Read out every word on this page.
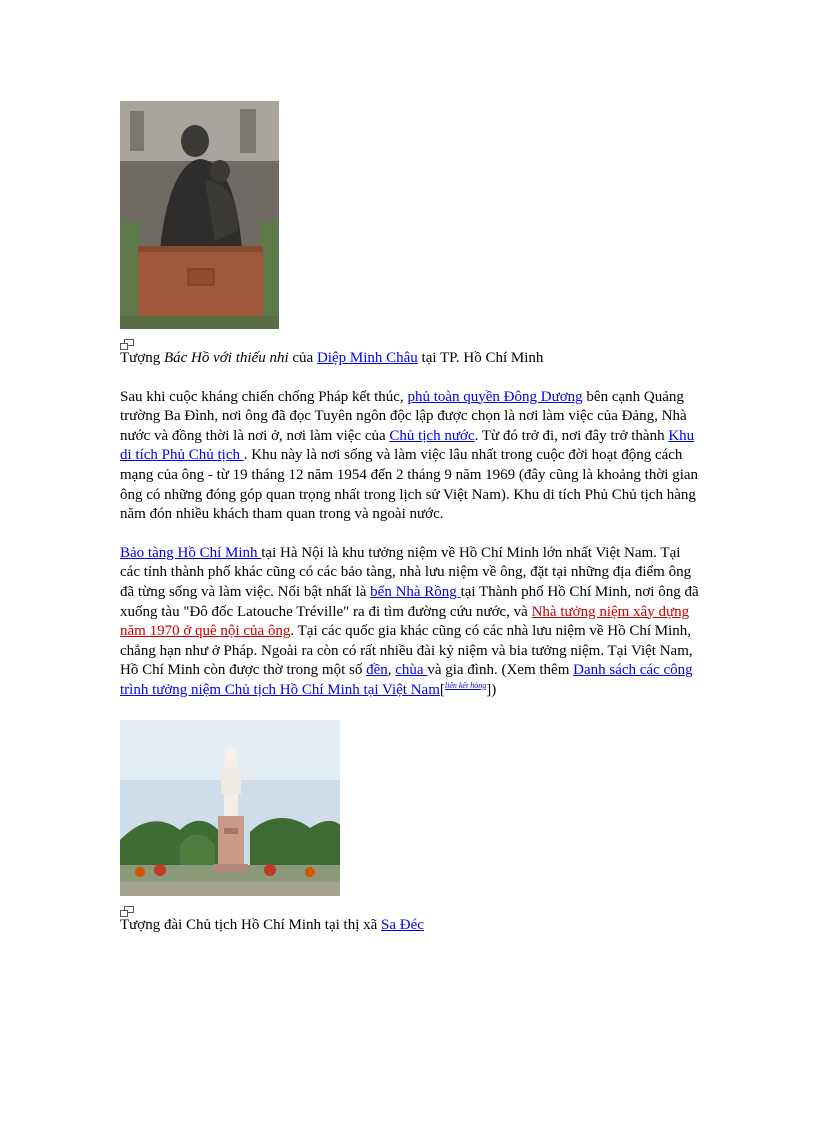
Tượng Bác Hồ với thiếu nhi của Diệp Minh Châu tại TP. Hồ Chí Minh

Sau khi cuộc kháng chiến chống Pháp kết thúc, phủ toàn quyền Đông Dương bên cạnh Quảng trường Ba Đình, nơi ông đã đọc Tuyên ngôn độc lập được chọn là nơi làm việc của Đảng, Nhà nước và đồng thời là nơi ở, nơi làm việc của Chủ tịch nước. Từ đó trở đi, nơi đây trở thành Khu di tích Phủ Chủ tịch . Khu này là nơi sống và làm việc lâu nhất trong cuộc đời hoạt động cách mạng của ông - từ 19 tháng 12 năm 1954 đến 2 tháng 9 năm 1969 (đây cũng là khoảng thời gian ông có những đóng góp quan trọng nhất trong lịch sử Việt Nam). Khu di tích Phủ Chủ tịch hàng năm đón nhiều khách tham quan trong và ngoài nước.

Bảo tàng Hồ Chí Minh tại Hà Nội là khu tưởng niệm về Hồ Chí Minh lớn nhất Việt Nam. Tại các tỉnh thành phố khác cũng có các bảo tàng, nhà lưu niệm về ông, đặt tại những địa điểm ông đã từng sống và làm việc. Nổi bật nhất là bến Nhà Rồng tại Thành phố Hồ Chí Minh, nơi ông đã xuống tàu "Đô đốc Latouche Tréville" ra đi tìm đường cứu nước, và Nhà tưởng niệm xây dựng năm 1970 ở quê nội của ông. Tại các quốc gia khác cũng có các nhà lưu niệm về Hồ Chí Minh, chẳng hạn như ở Pháp. Ngoài ra còn có rất nhiều đài kỷ niệm và bia tưởng niệm. Tại Việt Nam, Hồ Chí Minh còn được thờ trong một số đền, chùa và gia đình. (Xem thêm Danh sách các công trình tưởng niệm Chủ tịch Hồ Chí Minh tại Việt Nam[$^{liên kết hỏng}$])

Tượng đài Chủ tịch Hồ Chí Minh tại thị xã Sa Đéc
